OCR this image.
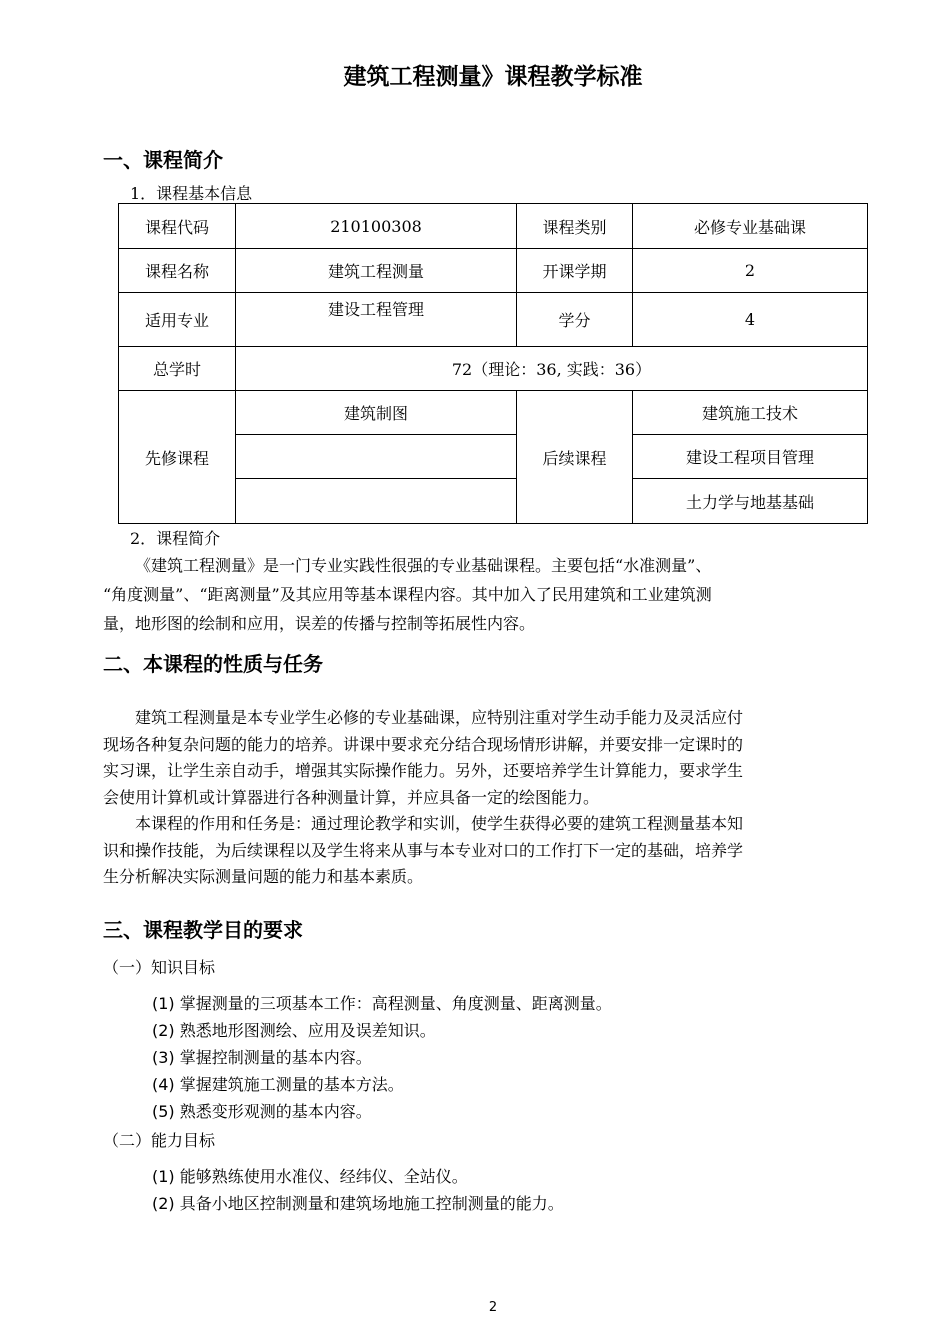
建筑工程测量》课程教学标准
一、课程简介
1．课程基本信息
课程代码	210100308	课程类别	必修专业基础课
课程名称	建筑工程测量	开课学期	2
适用专业	建设工程管理	学分	4
总学时	72（理论：36, 实践：36）		
先修课程	建筑制图	后续课程	建筑施工技术
			建设工程项目管理
			土力学与地基基础
2．课程简介
《建筑工程测量》是一门专业实践性很强的专业基础课程。主要包括“水准测量”、
“角度测量”、“距离测量”及其应用等基本课程内容。其中加入了民用建筑和工业建筑测
量，地形图的绘制和应用，误差的传播与控制等拓展性内容。
二、本课程的性质与任务
建筑工程测量是本专业学生必修的专业基础课，应特别注重对学生动手能力及灵活应付
现场各种复杂问题的能力的培养。讲课中要求充分结合现场情形讲解，并要安排一定课时的
实习课，让学生亲自动手，增强其实际操作能力。另外，还要培养学生计算能力，要求学生
会使用计算机或计算器进行各种测量计算，并应具备一定的绘图能力。
本课程的作用和任务是：通过理论教学和实训，使学生获得必要的建筑工程测量基本知
识和操作技能，为后续课程以及学生将来从事与本专业对口的工作打下一定的基础，培养学
生分析解决实际测量问题的能力和基本素质。
三、课程教学目的要求
（一）知识目标
(1) 掌握测量的三项基本工作：高程测量、角度测量、距离测量。
(2) 熟悉地形图测绘、应用及误差知识。
(3) 掌握控制测量的基本内容。
(4) 掌握建筑施工测量的基本方法。
(5) 熟悉变形观测的基本内容。
（二）能力目标
(1) 能够熟练使用水准仪、经纬仪、全站仪。
(2) 具备小地区控制测量和建筑场地施工控制测量的能力。
2
